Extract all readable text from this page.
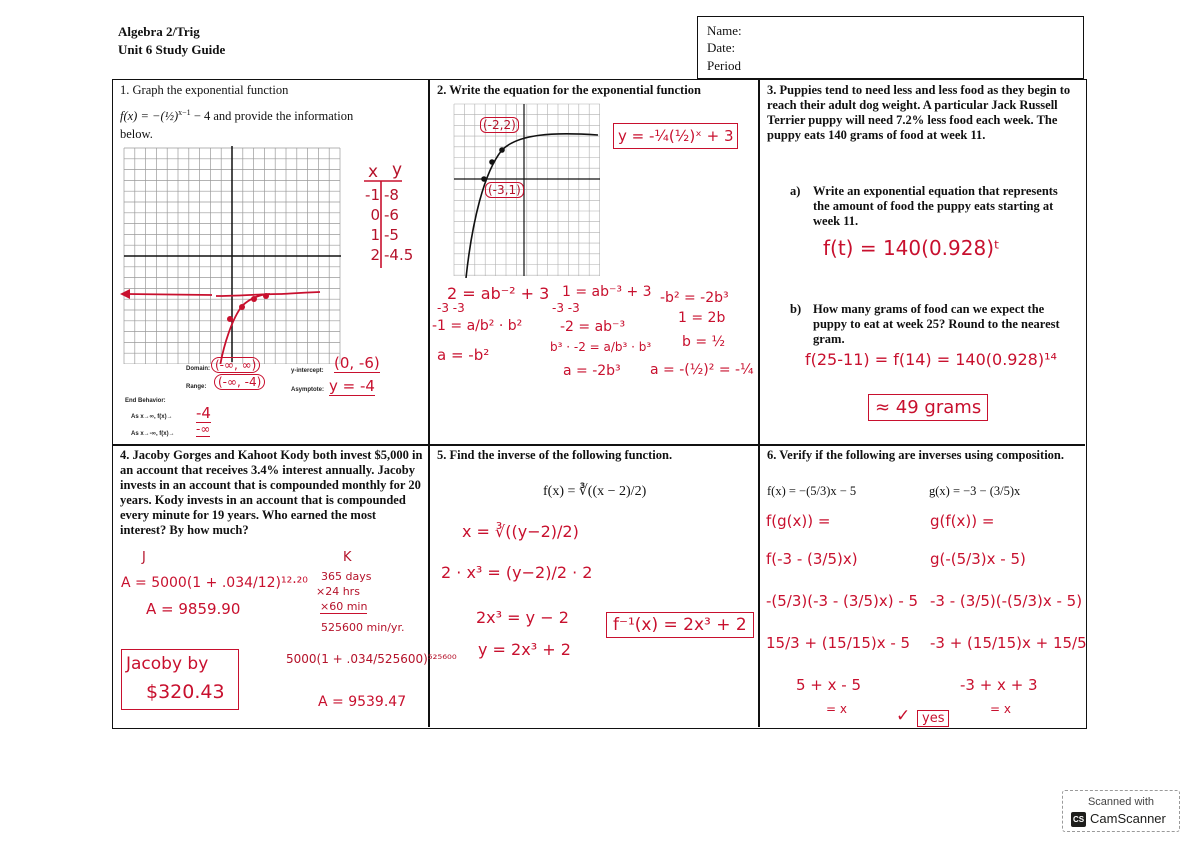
Algebra 2/Trig
Unit 6 Study Guide
Name:
Date:
Period
1. Graph the exponential function
f(x) = −(½)$^{x-1}$ − 4 and provide the information
below.
x y
-1 -8
0 -6
1 -5
2 -4.5
Domain:
Range:
y-intercept:
Asymptote:
(-∞, ∞)
(-∞, -4)
(0, -6)
y = -4
End Behavior:
As x→∞, f(x)→
As x→-∞, f(x)→
-4
-∞
2. Write the equation for the exponential function
(-2,2)
(-3,1)
y = -¼(½)ˣ + 3
2 = ab⁻² + 3
-3 -3
-1 = a/b² · b²
a = -b²
1 = ab⁻³ + 3
-3 -3
-2 = ab⁻³
b³ · -2 = a/b³ · b³
a = -2b³
-b² = -2b³
1 = 2b
b = ½
a = -(½)² = -¼
3. Puppies tend to need less and less food as they begin to reach their adult dog weight. A particular Jack Russell Terrier puppy will need 7.2% less food each week. The puppy eats 140 grams of food at week 11.
a) Write an exponential equation that represents the amount of food the puppy eats starting at week 11.
f(t) = 140(0.928)ᵗ
b) How many grams of food can we expect the puppy to eat at week 25? Round to the nearest gram.
f(25-11) = f(14) = 140(0.928)¹⁴
≈ 49 grams
4. Jacoby Gorges and Kahoot Kody both invest $5,000 in an account that receives 3.4% interest annually. Jacoby invests in an account that is compounded monthly for 20 years. Kody invests in an account that is compounded every minute for 19 years. Who earned the most interest? By how much?
J	K
A = 5000(1 + .034/12)¹²·²⁰
A = 9859.90
365 days
×24 hrs
×60 min
525600 min/yr.
5000(1 + .034/525600)⁵²⁵⁶⁰⁰
A = 9539.47
Jacoby by
$320.43
5. Find the inverse of the following function.
f(x) = ∛((x − 2)/2)
x = ∛((y−2)/2)
2 · x³ = (y−2)/2 · 2
2x³ = y − 2
y = 2x³ + 2
f⁻¹(x) = 2x³ + 2
6. Verify if the following are inverses using composition.
f(x) = −(5/3)x − 5	g(x) = −3 − (3/5)x
f(g(x)) =
f(-3 - (3/5)x)
-(5/3)(-3 - (3/5)x) - 5
15/3 + (15/15)x - 5
5 + x - 5
= x
g(f(x)) =
g(-(5/3)x - 5)
-3 - (3/5)(-(5/3)x - 5)
-3 + (15/15)x + 15/5
-3 + x + 3
= x
✓ yes
Scanned with
CS CamScanner
